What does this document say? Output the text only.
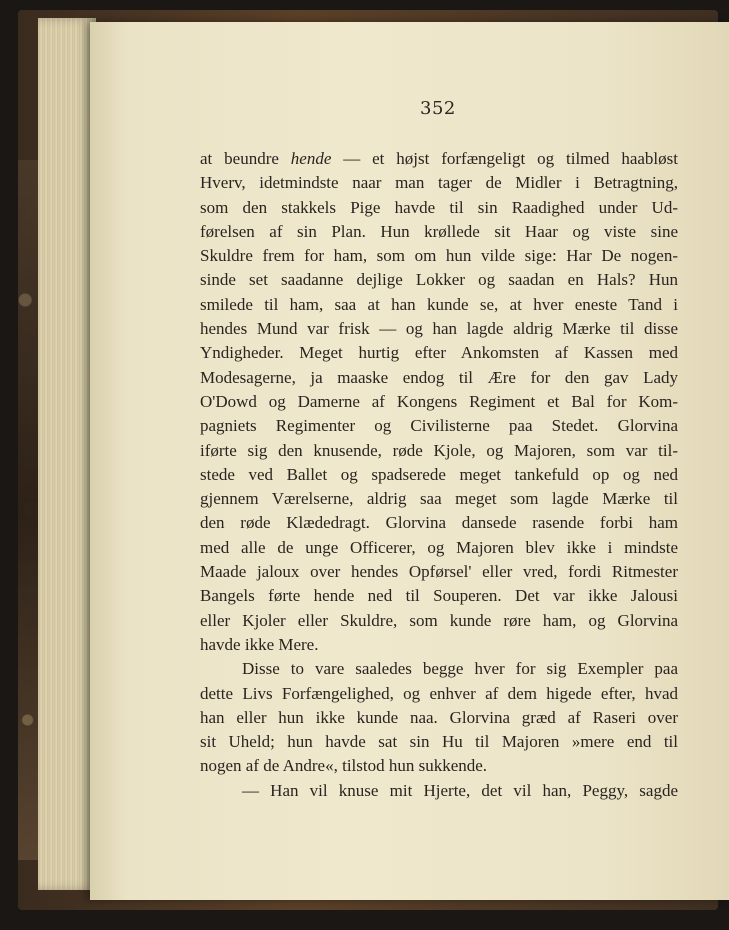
352
at beundre hende — et højst forfængeligt og tilmed haabløst
Hverv, idetmindste naar man tager de Midler i Betragtning,
som den stakkels Pige havde til sin Raadighed under Ud-
førelsen af sin Plan. Hun krøllede sit Haar og viste sine
Skuldre frem for ham, som om hun vilde sige: Har De nogen-
sinde set saadanne dejlige Lokker og saadan en Hals? Hun
smilede til ham, saa at han kunde se, at hver eneste Tand i
hendes Mund var frisk — og han lagde aldrig Mærke til disse
Yndigheder. Meget hurtig efter Ankomsten af Kassen med
Modesagerne, ja maaske endog til Ære for den gav Lady
O'Dowd og Damerne af Kongens Regiment et Bal for Kom-
pagniets Regimenter og Civilisterne paa Stedet. Glorvina
iførte sig den knusende, røde Kjole, og Majoren, som var til-
stede ved Ballet og spadserede meget tankefuld op og ned
gjennem Værelserne, aldrig saa meget som lagde Mærke til
den røde Klædedragt. Glorvina dansede rasende forbi ham
med alle de unge Officerer, og Majoren blev ikke i mindste
Maade jaloux over hendes Opførsel' eller vred, fordi Ritmester
Bangels førte hende ned til Souperen. Det var ikke Jalousi
eller Kjoler eller Skuldre, som kunde røre ham, og Glorvina
havde ikke Mere.
Disse to vare saaledes begge hver for sig Exempler paa
dette Livs Forfængelighed, og enhver af dem higede efter, hvad
han eller hun ikke kunde naa. Glorvina græd af Raseri over
sit Uheld; hun havde sat sin Hu til Majoren »mere end til
nogen af de Andre«, tilstod hun sukkende.
— Han vil knuse mit Hjerte, det vil han, Peggy, sagde
